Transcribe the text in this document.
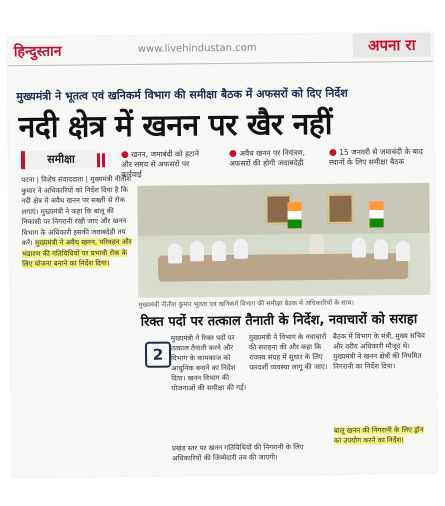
हिन्दुस्तान	www.livehindustan.com	अपना रा
मुख्यमंत्री ने भूतत्व एवं खनिकर्म विभाग की समीक्षा बैठक में अफसरों को दिए निर्देश
नदी क्षेत्र में खनन पर खैर नहीं
समीक्षा	● खनन, जमाबंदी को हटाने और समय से अफसरों पर कार्रवाई
● अवैध खनन पर नियंत्रण, अफसरों की होगी जवाबदेही
● 15 जनवरी से जमाबंदी के बाद स्थानों के लिए समीक्षा बैठक
पटना | विशेष संवाददाता | मुख्यमंत्री नीतीश कुमार ने अधिकारियों को निर्देश दिया है कि नदी क्षेत्र में अवैध खनन पर सख्ती से रोक लगाएं। मुख्यमंत्री ने कहा कि बालू की निकासी पर निगरानी रखी जाए और खनन विभाग के अधिकारी इसकी जवाबदेही तय करें। मुख्यमंत्री ने अवैध खनन, परिवहन और भंडारण की गतिविधियों पर प्रभावी रोक के लिए योजना बनाने का निर्देश दिया।
मुख्यमंत्री नीतीश कुमार भूतत्व एवं खनिकर्म विभाग की समीक्षा बैठक में अधिकारियों के साथ।
रिक्त पदों पर तत्काल तैनाती के निर्देश, नवाचारों को सराहा
2
मुख्यमंत्री ने रिक्त पदों पर तत्काल तैनाती करने और विभाग के कामकाज को आधुनिक बनाने का निर्देश दिया। खनन विभाग की योजनाओं की समीक्षा की गई।
मुख्यमंत्री ने विभाग के नवाचारों की सराहना की और कहा कि राजस्व संग्रह में सुधार के लिए पारदर्शी व्यवस्था लागू की जाए।
बैठक में विभाग के मंत्री, मुख्य सचिव और वरीय अधिकारी मौजूद थे। मुख्यमंत्री ने खनन क्षेत्रों की नियमित निगरानी का निर्देश दिया।
बालू खनन की निगरानी के लिए ड्रोन का उपयोग करने का निर्देश।
प्रखंड स्तर पर खनन गतिविधियों की निगरानी के लिए अधिकारियों की जिम्मेदारी तय की जाएगी।
